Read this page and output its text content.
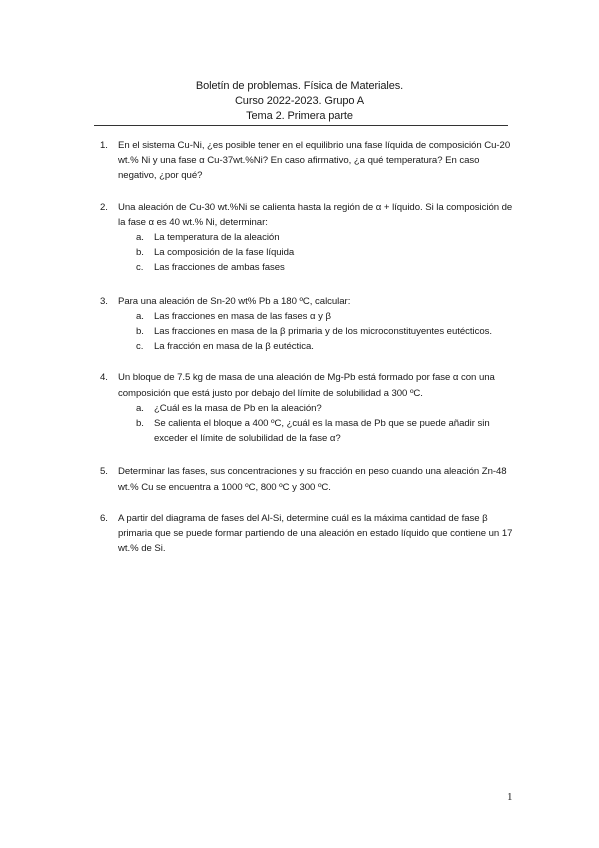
Boletín de problemas. Física de Materiales.
Curso 2022-2023. Grupo A
Tema 2. Primera parte
1. En el sistema Cu-Ni, ¿es posible tener en el equilibrio una fase líquida de composición Cu-20 wt.% Ni y una fase α Cu-37wt.%Ni? En caso afirmativo, ¿a qué temperatura? En caso negativo, ¿por qué?
2. Una aleación de Cu-30 wt.%Ni se calienta hasta la región de α + líquido. Si la composición de la fase α es 40 wt.% Ni, determinar:
a. La temperatura de la aleación
b. La composición de la fase líquida
c. Las fracciones de ambas fases
3. Para una aleación de Sn-20 wt% Pb a 180 ºC, calcular:
a. Las fracciones en masa de las fases α y β
b. Las fracciones en masa de la β primaria y de los microconstituyentes eutécticos.
c. La fracción en masa de la β eutéctica.
4. Un bloque de 7.5 kg de masa de una aleación de Mg-Pb está formado por fase α con una composición que está justo por debajo del límite de solubilidad a 300 ºC.
a. ¿Cuál es la masa de Pb en la aleación?
b. Se calienta el bloque a 400 ºC, ¿cuál es la masa de Pb que se puede añadir sin exceder el límite de solubilidad de la fase α?
5. Determinar las fases, sus concentraciones y su fracción en peso cuando una aleación Zn-48 wt.% Cu se encuentra a 1000 ºC, 800 ºC y 300 ºC.
6. A partir del diagrama de fases del Al-Si, determine cuál es la máxima cantidad de fase β primaria que se puede formar partiendo de una aleación en estado líquido que contiene un 17 wt.% de Si.
1
